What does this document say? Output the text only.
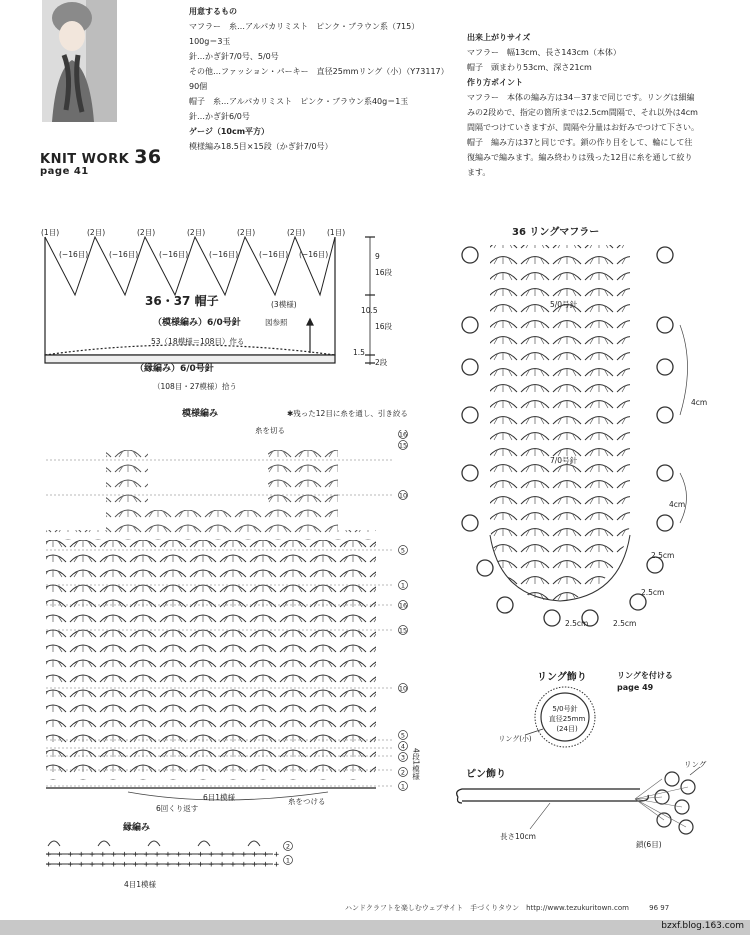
KNIT WORK 36
page 41
用意するもの
マフラー　糸…アルパカリミスト　ピンク・ブラウン系（715）
100g＝3玉
針…かぎ針7/0号、5/0号
その他…ファッション・パーキー　直径25mmリング（小）（Y73117）
90個
帽子　糸…アルパカリミスト　ピンク・ブラウン系40g＝1玉
針…かぎ針6/0号
ゲージ（10cm平方）
模様編み18.5目×15段（かぎ針7/0号）
出来上がりサイズ
マフラー　幅13cm、長さ143cm（本体）
帽子　頭まわり53cm、深さ21cm
作り方ポイント
マフラー　本体の編み方は34－37まで同じです。リングは細編
みの2段めで、指定の箇所までは2.5cm間隔で、それ以外は4cm
間隔でつけていきますが、間隔や分量はお好みでつけて下さい。
帽子　編み方は37と同じです。鎖の作り目をして、輪にして往
復編みで編みます。編み終わりは残った12目に糸を通して絞り
ます。
(1目)	(2目)	(2目)	(2目)	(2目)	(2目)	(1目)
(−16目)	(−16目)	(−16目)	(−16目)	(−16目) (−16目)
36・37 帽子
（模様編み）6/0号針	図参照
(3模様)
53（18模様＝108目）作る
（縁編み）6/0号針
（108目・27模様）拾う
9
16段
10.5
16段
1.5
2段
模様編み	✱残った12目に糸を通し、引き絞る
糸を切る	16
15
10
5
1
16
15
10
5
4
3
2
1
4段1模様
6目1模様
6回くり返す
糸をつける
縁編み
+ + + + + + + + + + + + + + + + + + + + + +
+ + + + + + + + + + + + + + + + + + + + + +
2
1
4目1模様
36 リングマフラー
5/0号針
7/0号針
4cm
4cm
2.5cm
2.5cm
2.5cm	2.5cm
リング飾り	リングを付ける
page 49
5/0号針
直径25mm
(24目)
リング(小)
ピン飾り
リング
長さ10cm
鎖(6目)
ハンドクラフトを楽しむウェブサイト　手づくりタウン　http://www.tezukuritown.com	96 97
bzxf.blog.163.com
